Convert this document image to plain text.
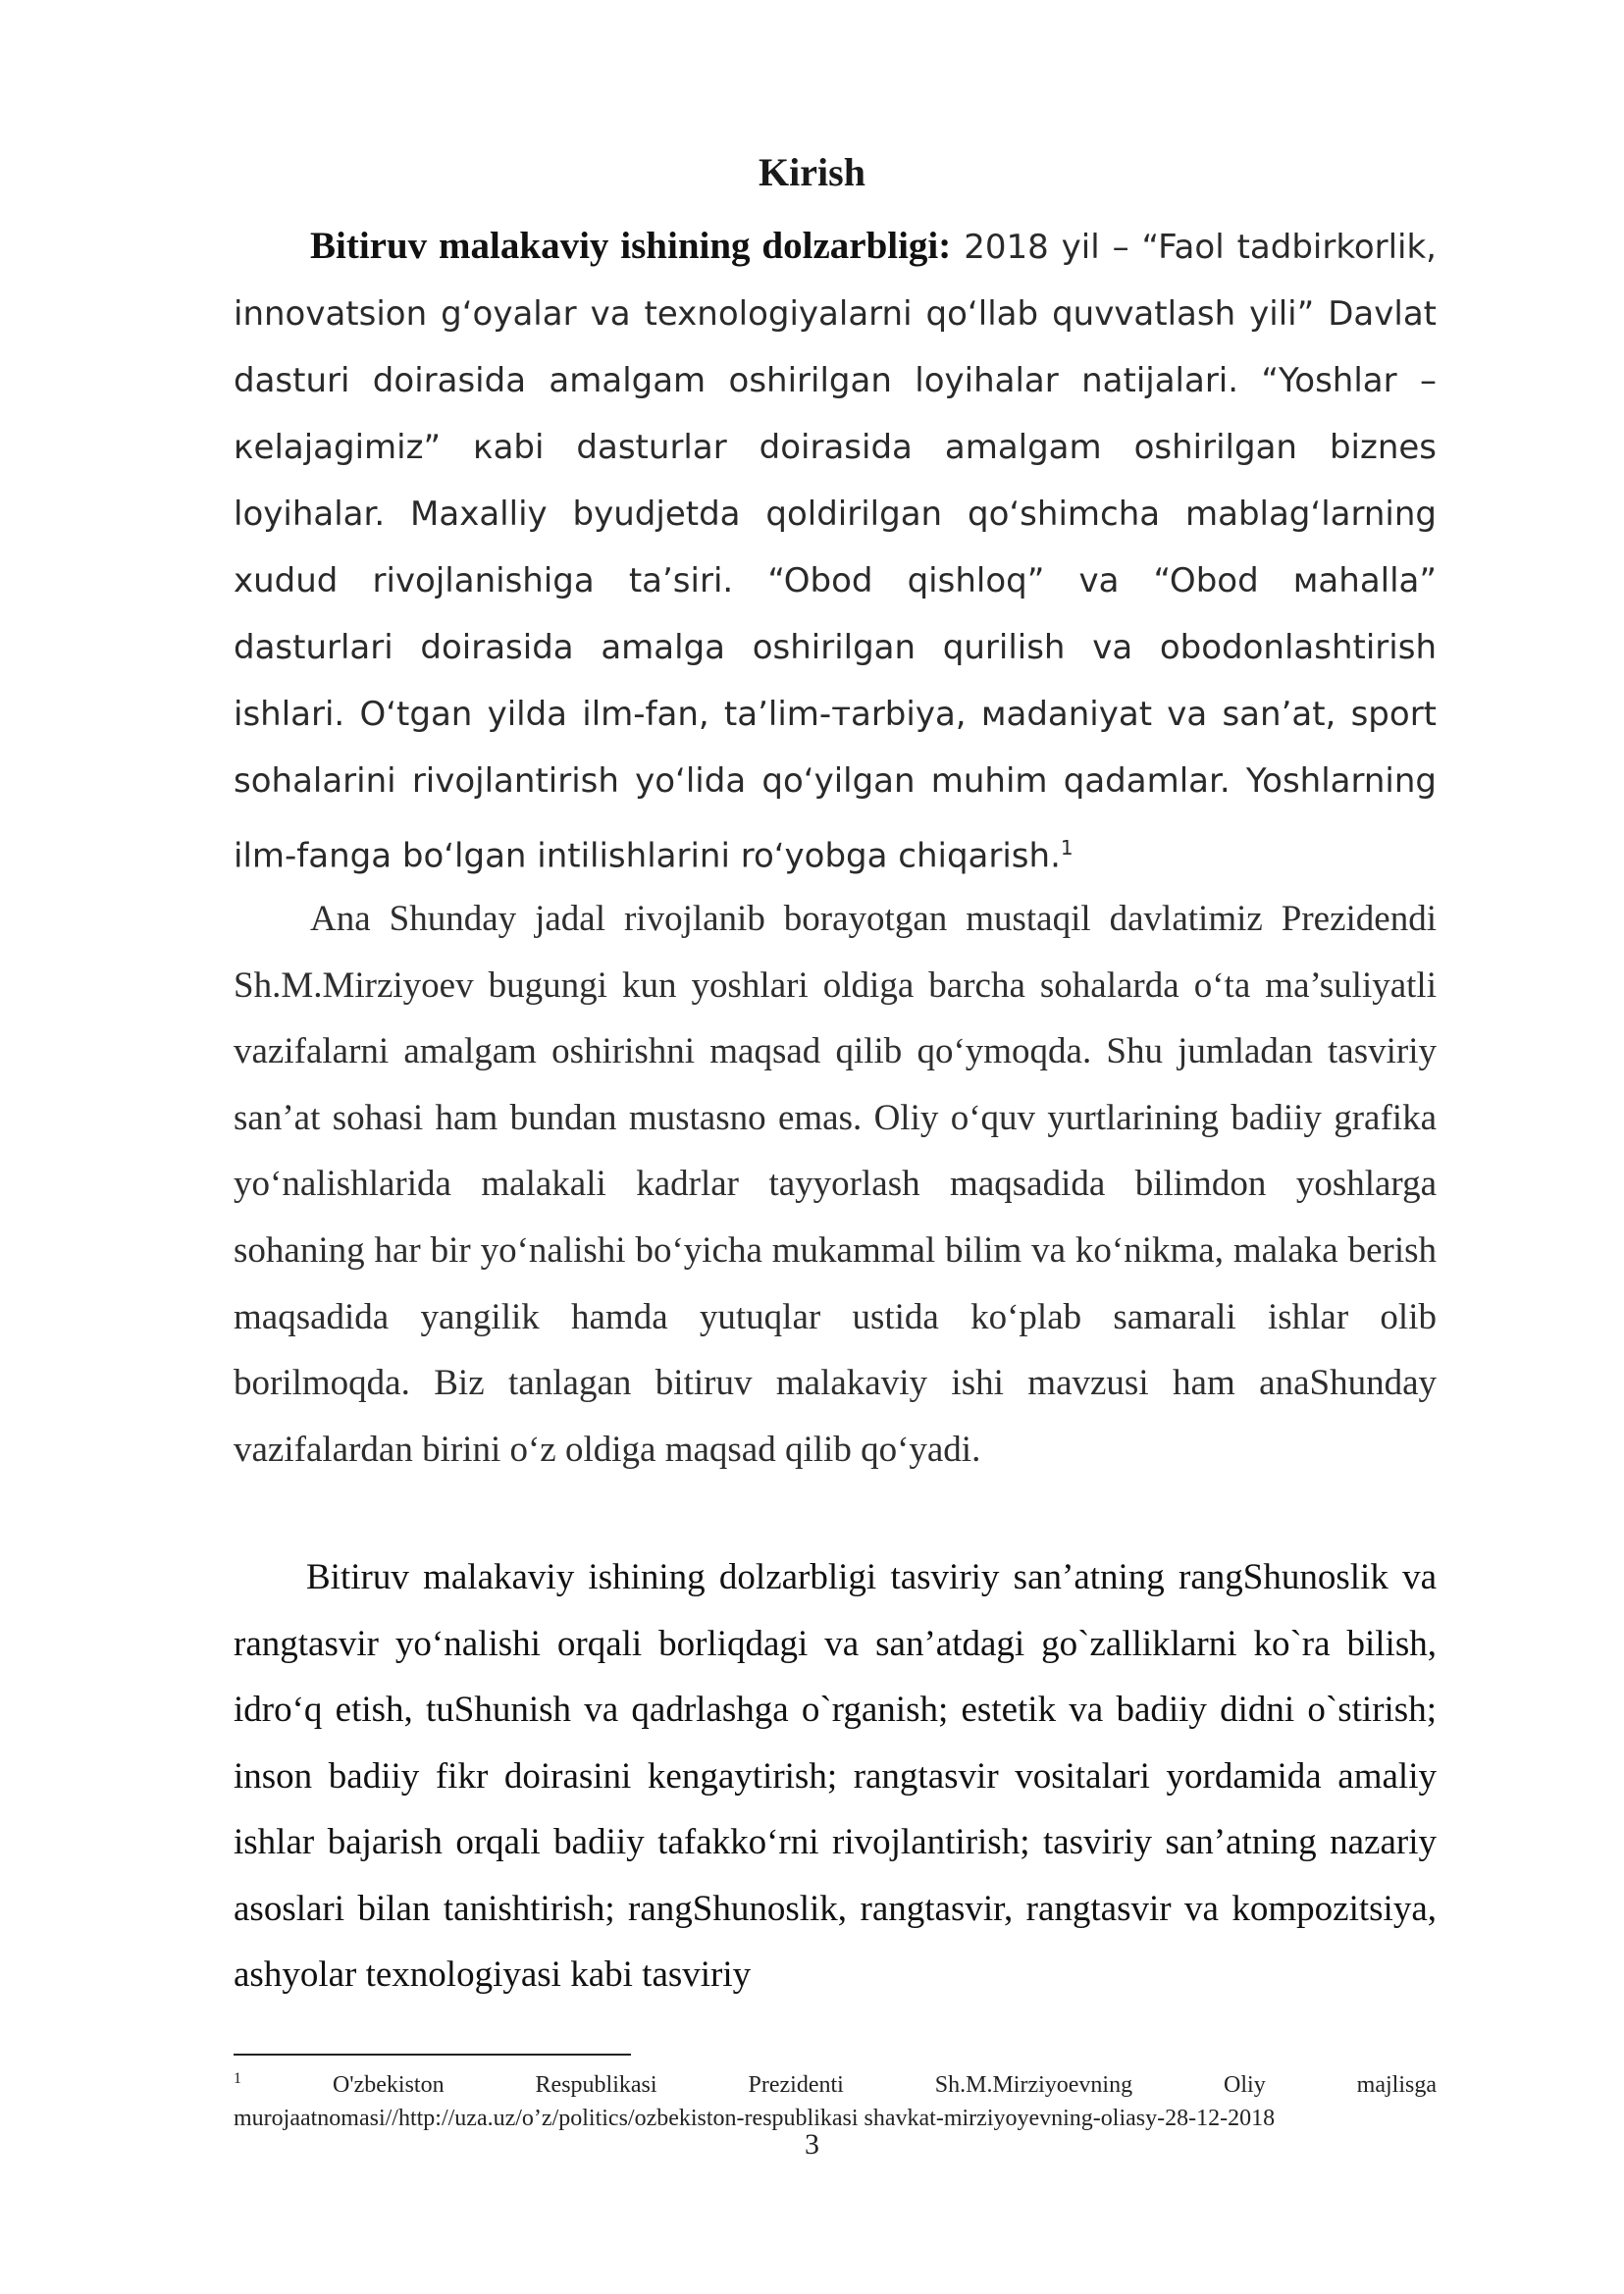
Kirish

Bitiruv malakaviy ishining dolzarbligi: 2018 yil – “Faol tadbirkorlik, innovatsion g‘oyalar va texnologiyalarni qo‘llab quvvatlash yili” Davlat dasturi doirasida amalgam oshirilgan loyihalar natijalari. “Yoshlar – кelajagimiz” кabi dasturlar doirasida amalgam oshirilgan biznes loyihalar. Maxalliy byudjetda qoldirilgan qo‘shimcha mablag‘larning xudud rivojlanishiga ta’siri. “Obod qishloq” va “Obod мahalla” dasturlari doirasida amalga oshirilgan qurilish va obodonlashtirish ishlari. O‘tgan yilda ilm-fan, ta’lim-тarbiya, мadaniyat va san’at, sport sohalarini rivojlantirish yo‘lida qo‘yilgan muhim qadamlar. Yoshlarning ilm-fanga bo‘lgan intilishlarini ro‘yobga chiqarish.$^1$

Ana Shunday jadal rivojlanib borayotgan mustaqil davlatimiz Prezidendi Sh.M.Mirziyoev bugungi kun yoshlari oldiga barcha sohalarda o‘ta ma’suliyatli vazifalarni amalgam oshirishni maqsad qilib qo‘ymoqda. Shu jumladan tasviriy san’at sohasi ham bundan mustasno emas. Oliy o‘quv yurtlarining badiiy grafika yo‘nalishlarida malakali kadrlar tayyorlash maqsadida bilimdon yoshlarga sohaning har bir yo‘nalishi bo‘yicha mukammal bilim va ko‘nikma, malaka berish maqsadida yangilik hamda yutuqlar ustida ko‘plab samarali ishlar olib borilmoqda. Biz tanlagan bitiruv malakaviy ishi mavzusi ham anaShunday vazifalardan birini o‘z oldiga maqsad qilib qo‘yadi.

Bitiruv malakaviy ishining dolzarbligi tasviriy san’atning rangShunoslik va rangtasvir yo‘nalishi orqali borliqdagi va san’atdagi go`zalliklarni ko`ra bilish, idro‘q etish, tuShunish va qadrlashga o`rganish; estetik va badiiy didni o`stirish; inson badiiy fikr doirasini kengaytirish; rangtasvir vositalari yordamida amaliy ishlar bajarish orqali badiiy tafakko‘rni rivojlantirish; tasviriy san’atning nazariy asoslari bilan tanishtirish; rangShunoslik, rangtasvir, rangtasvir va kompozitsiya, ashyolar texnologiyasi kabi tasviriy

$^1$ O'zbekiston Respublikasi Prezidenti Sh.M.Mirziyoevning Oliy majlisga murojaatnomasi//http://uza.uz/o’z/politics/ozbekiston-respublikasi shavkat-mirziyoyevning-oliasy-28-12-2018
3
